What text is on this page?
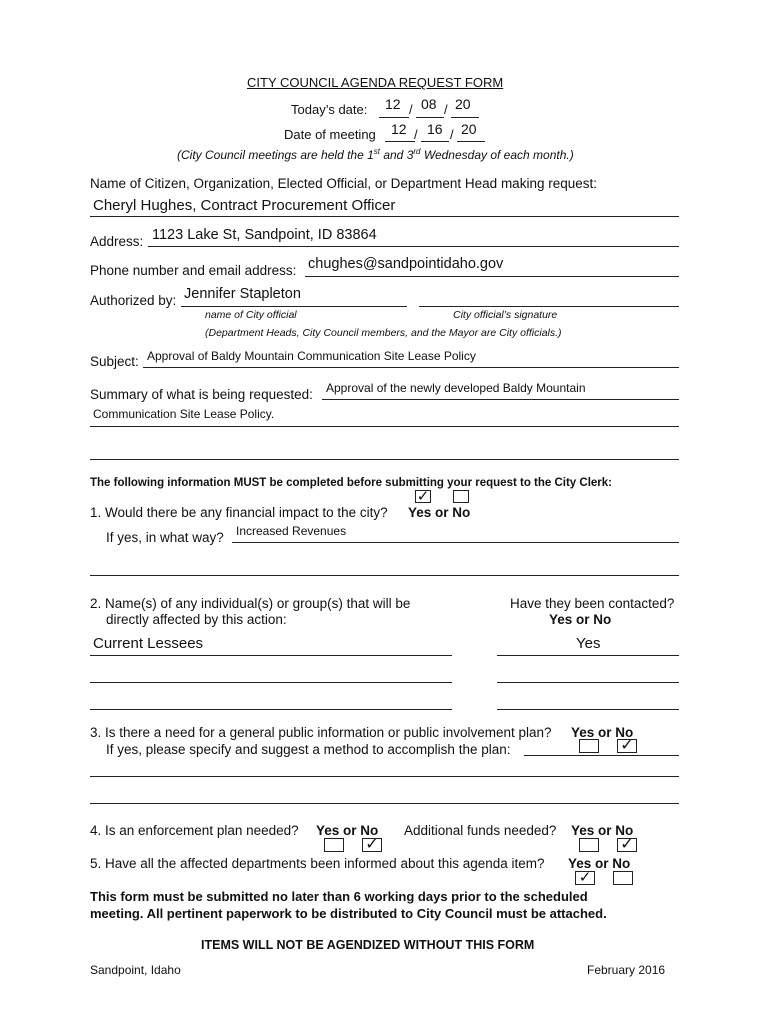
CITY COUNCIL AGENDA REQUEST FORM
Today’s date: 12 / 08 / 20
Date of meeting 12 / 16 / 20
(City Council meetings are held the 1st and 3rd Wednesday of each month.)
Name of Citizen, Organization, Elected Official, or Department Head making request:
Cheryl Hughes, Contract Procurement Officer
Address: 1123 Lake St, Sandpoint, ID 83864
Phone number and email address: chughes@sandpointidaho.gov
Authorized by: Jennifer Stapleton
name of City official	City official’s signature
(Department Heads, City Council members, and the Mayor are City officials.)
Subject: Approval of Baldy Mountain Communication Site Lease Policy
Summary of what is being requested: Approval of the newly developed Baldy Mountain
Communication Site Lease Policy.
The following information MUST be completed before submitting your request to the City Clerk:
✓
1. Would there be any financial impact to the city? Yes or No
If yes, in what way? Increased Revenues
2. Name(s) of any individual(s) or group(s) that will be
directly affected by this action:
Have they been contacted?
Yes or No
Current Lessees	Yes
3. Is there a need for a general public information or public involvement plan? Yes or No
If yes, please specify and suggest a method to accomplish the plan:	✓
4. Is an enforcement plan needed? Yes or No Additional funds needed? Yes or No
✓	✓
5. Have all the affected departments been informed about this agenda item? Yes or No
✓
This form must be submitted no later than 6 working days prior to the scheduled
meeting. All pertinent paperwork to be distributed to City Council must be attached.
ITEMS WILL NOT BE AGENDIZED WITHOUT THIS FORM
Sandpoint, Idaho	February 2016
